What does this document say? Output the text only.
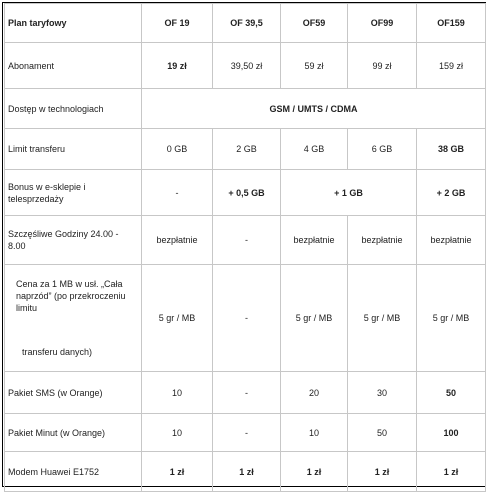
Plan taryfowy	OF 19	OF 39,5	OF59	OF99	OF159
Abonament	19 zł	39,50 zł	59 zł	99 zł	159 zł
Dostęp w technologiach	GSM / UMTS / CDMA				
Limit transferu	0 GB	2 GB	4 GB	6 GB	38 GB
Bonus w e-sklepie i telesprzedaży	-	+ 0,5 GB	+ 1 GB		+ 2 GB
Szczęśliwe Godziny 24.00 - 8.00	bezpłatnie	-	bezpłatnie	bezpłatnie	bezpłatnie

Cena za 1 MB w usł. „Cała naprzód” (po przekroczeniu limitu
transferu danych)	5 gr / MB	-	5 gr / MB	5 gr / MB	5 gr / MB
Pakiet SMS (w Orange)	10	-	20	30	50
Pakiet Minut (w Orange)	10	-	10	50	100
Modem Huawei E1752	1 zł	1 zł	1 zł	1 zł	1 zł
